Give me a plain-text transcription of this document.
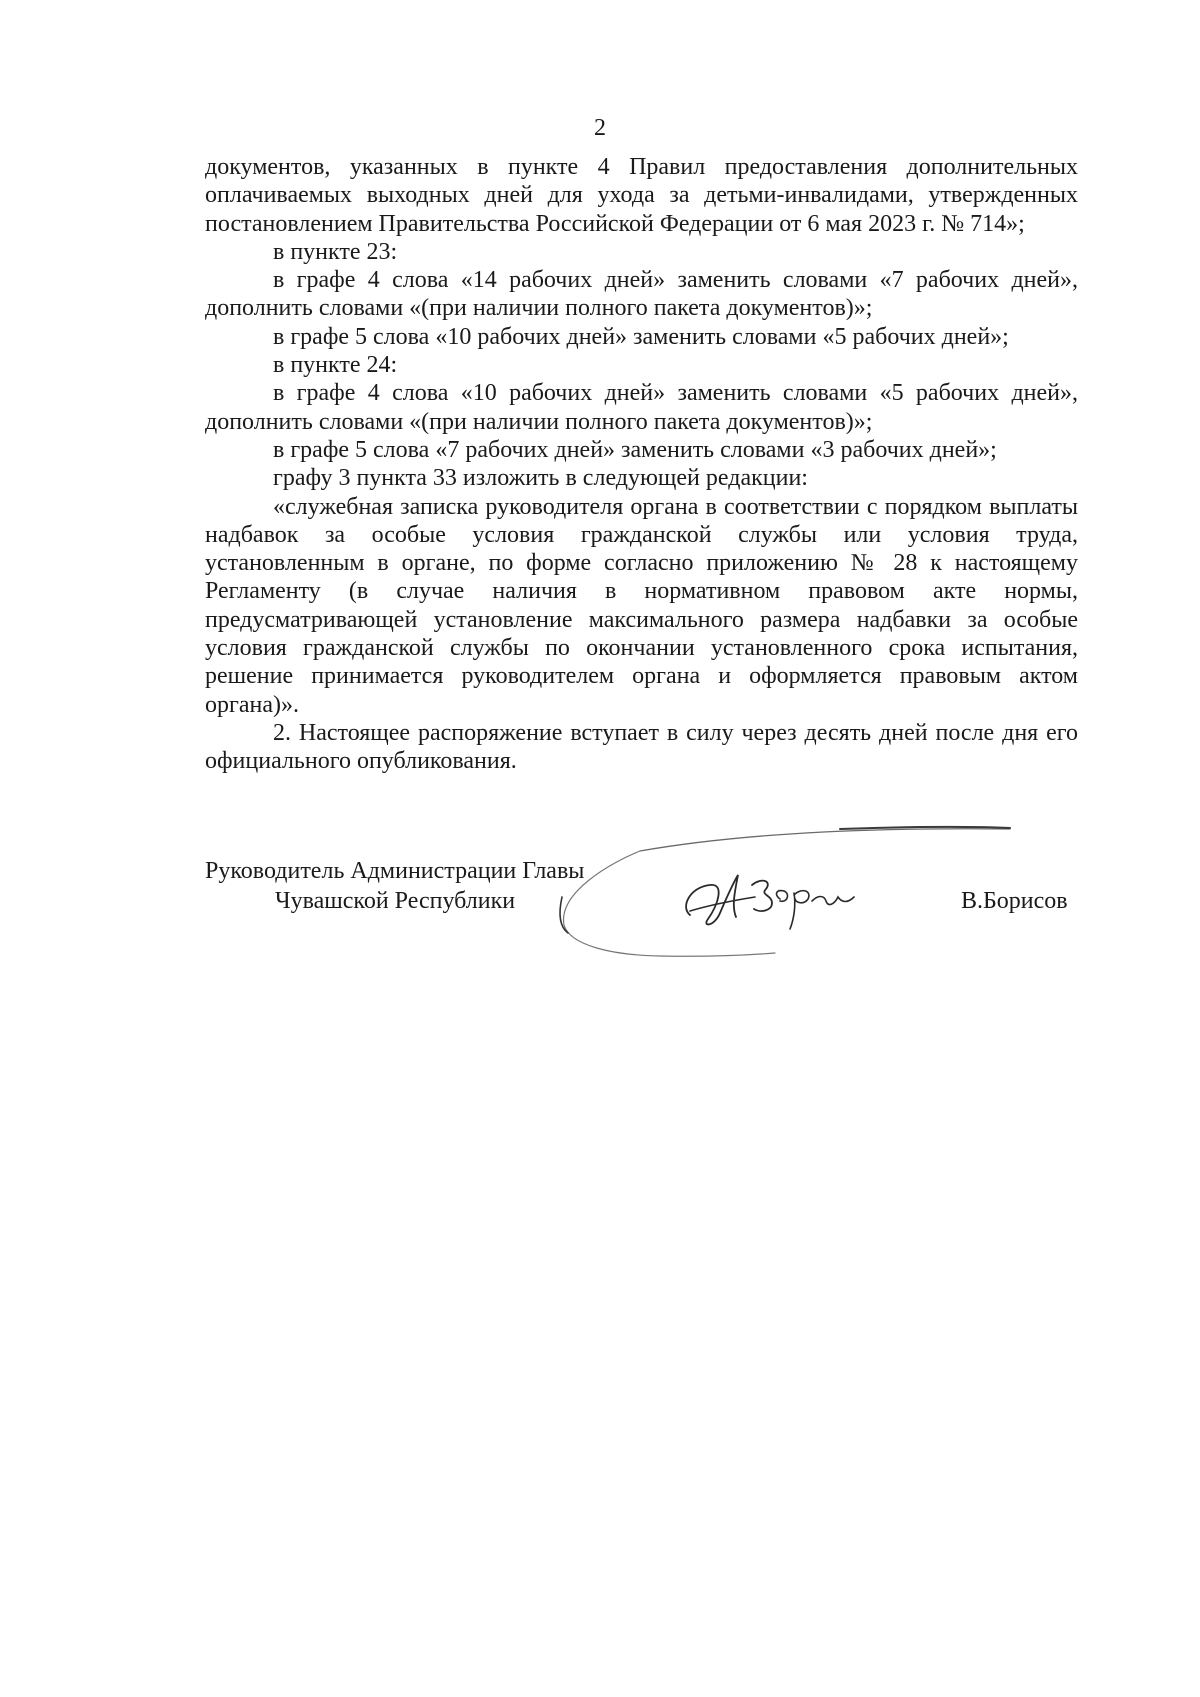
2

документов, указанных в пункте 4 Правил предоставления дополнительных оплачиваемых выходных дней для ухода за детьми-инвалидами, утвержденных постановлением Правительства Российской Федерации от 6 мая 2023 г. № 714»;

в пункте 23:

в графе 4 слова «14 рабочих дней» заменить словами «7 рабочих дней», дополнить словами «(при наличии полного пакета документов)»;

в графе 5 слова «10 рабочих дней» заменить словами «5 рабочих дней»;

в пункте 24:

в графе 4 слова «10 рабочих дней» заменить словами «5 рабочих дней», дополнить словами «(при наличии полного пакета документов)»;

в графе 5 слова «7 рабочих дней» заменить словами «3 рабочих дней»;

графу 3 пункта 33 изложить в следующей редакции:

«служебная записка руководителя органа в соответствии с порядком выплаты надбавок за особые условия гражданской службы или условия труда, установленным в органе, по форме согласно приложению № 28 к настоящему Регламенту (в случае наличия в нормативном правовом акте нормы, предусматривающей установление максимального размера надбавки за особые условия гражданской службы по окончании установленного срока испытания, решение принимается руководителем органа и оформляется правовым актом органа)».

2. Настоящее распоряжение вступает в силу через десять дней после дня его официального опубликования.

Руководитель Администрации Главы
Чувашской Республики	В.Борисов
